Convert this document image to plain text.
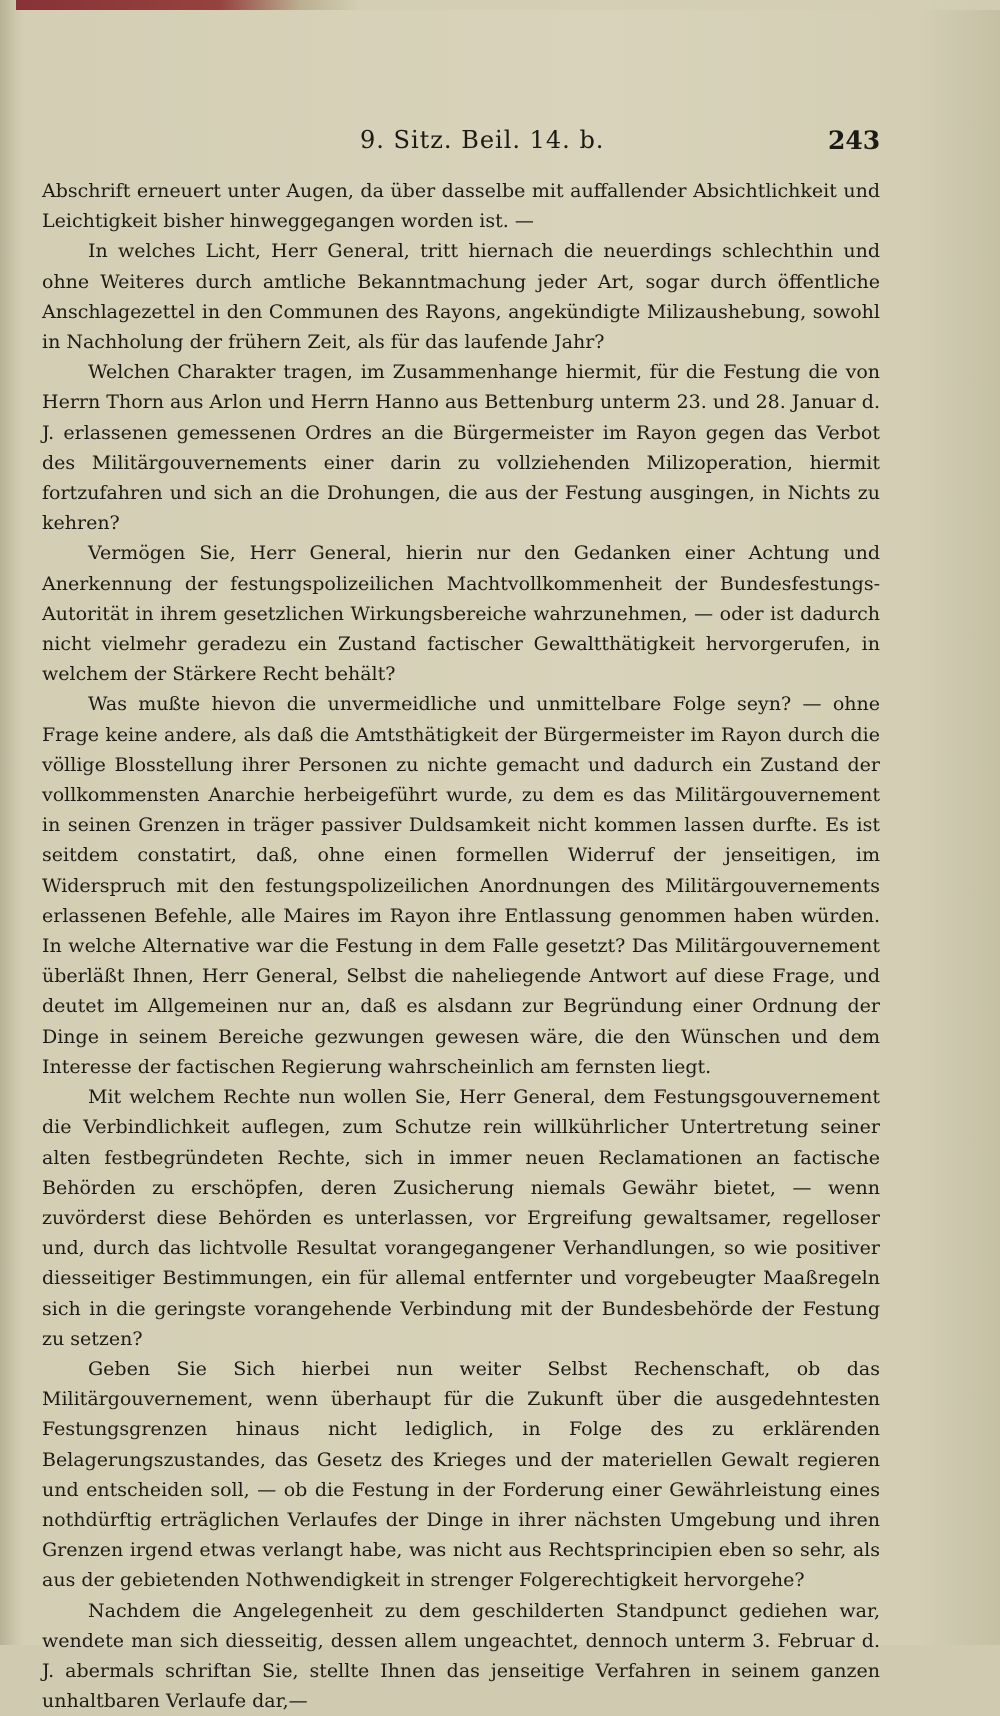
9. Sitz. Beil. 14. b.	243

Abschrift erneuert unter Augen, da über dasselbe mit auffallender Absichtlichkeit und Leichtigkeit bisher hinweggegangen worden ist. —

In welches Licht, Herr General, tritt hiernach die neuerdings schlechthin und ohne Weiteres durch amtliche Bekanntmachung jeder Art, sogar durch öffentliche Anschlagezettel in den Communen des Rayons, angekündigte Milizaushebung, sowohl in Nachholung der frühern Zeit, als für das laufende Jahr?

Welchen Charakter tragen, im Zusammenhange hiermit, für die Festung die von Herrn Thorn aus Arlon und Herrn Hanno aus Bettenburg unterm 23. und 28. Januar d. J. erlassenen gemessenen Ordres an die Bürgermeister im Rayon gegen das Verbot des Militärgouvernements einer darin zu vollziehenden Milizoperation, hiermit fortzufahren und sich an die Drohungen, die aus der Festung ausgingen, in Nichts zu kehren?

Vermögen Sie, Herr General, hierin nur den Gedanken einer Achtung und Anerkennung der festungspolizeilichen Machtvollkommenheit der Bundesfestungs-Autorität in ihrem gesetzlichen Wirkungsbereiche wahrzunehmen, — oder ist dadurch nicht vielmehr geradezu ein Zustand factischer Gewaltthätigkeit hervorgerufen, in welchem der Stärkere Recht behält?

Was mußte hievon die unvermeidliche und unmittelbare Folge seyn? — ohne Frage keine andere, als daß die Amtsthätigkeit der Bürgermeister im Rayon durch die völlige Blosstellung ihrer Personen zu nichte gemacht und dadurch ein Zustand der vollkommensten Anarchie herbeigeführt wurde, zu dem es das Militärgouvernement in seinen Grenzen in träger passiver Duldsamkeit nicht kommen lassen durfte. Es ist seitdem constatirt, daß, ohne einen formellen Widerruf der jenseitigen, im Widerspruch mit den festungspolizeilichen Anordnungen des Militärgouvernements erlassenen Befehle, alle Maires im Rayon ihre Entlassung genommen haben würden. In welche Alternative war die Festung in dem Falle gesetzt? Das Militärgouvernement überläßt Ihnen, Herr General, Selbst die naheliegende Antwort auf diese Frage, und deutet im Allgemeinen nur an, daß es alsdann zur Begründung einer Ordnung der Dinge in seinem Bereiche gezwungen gewesen wäre, die den Wünschen und dem Interesse der factischen Regierung wahrscheinlich am fernsten liegt.

Mit welchem Rechte nun wollen Sie, Herr General, dem Festungsgouvernement die Verbindlichkeit auflegen, zum Schutze rein willkührlicher Untertretung seiner alten festbegründeten Rechte, sich in immer neuen Reclamationen an factische Behörden zu erschöpfen, deren Zusicherung niemals Gewähr bietet, — wenn zuvörderst diese Behörden es unterlassen, vor Ergreifung gewaltsamer, regelloser und, durch das lichtvolle Resultat vorangegangener Verhandlungen, so wie positiver diesseitiger Bestimmungen, ein für allemal entfernter und vorgebeugter Maaßregeln sich in die geringste vorangehende Verbindung mit der Bundesbehörde der Festung zu setzen?

Geben Sie Sich hierbei nun weiter Selbst Rechenschaft, ob das Militärgouvernement, wenn überhaupt für die Zukunft über die ausgedehntesten Festungsgrenzen hinaus nicht lediglich, in Folge des zu erklärenden Belagerungszustandes, das Gesetz des Krieges und der materiellen Gewalt regieren und entscheiden soll, — ob die Festung in der Forderung einer Gewährleistung eines nothdürftig erträglichen Verlaufes der Dinge in ihrer nächsten Umgebung und ihren Grenzen irgend etwas verlangt habe, was nicht aus Rechtsprincipien eben so sehr, als aus der gebietenden Nothwendigkeit in strenger Folgerechtigkeit hervorgehe?

Nachdem die Angelegenheit zu dem geschilderten Standpunct gediehen war, wendete man sich diesseitig, dessen allem ungeachtet, dennoch unterm 3. Februar d. J. abermals schriftan Sie, stellte Ihnen das jenseitige Verfahren in seinem ganzen unhaltbaren Verlaufe dar,—
